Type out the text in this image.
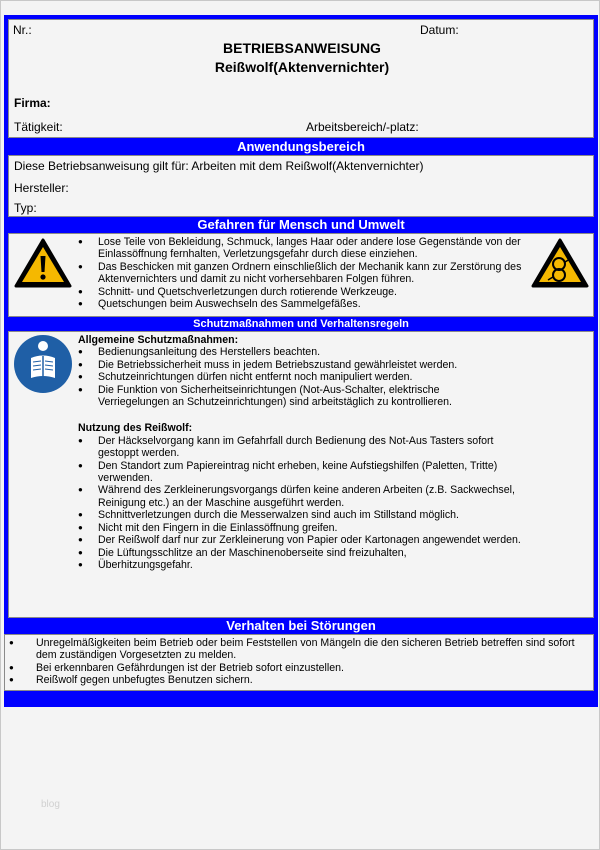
Nr.:	Datum:
BETRIEBSANWEISUNG
Reißwolf(Aktenvernichter)
Firma:
Tätigkeit:	Arbeitsbereich/-platz:
Anwendungsbereich
Diese Betriebsanweisung gilt für: Arbeiten mit dem Reißwolf(Aktenvernichter)
Hersteller:
Typ:
Gefahren für Mensch und Umwelt
● Lose Teile von Bekleidung, Schmuck, langes Haar oder andere lose Gegenstände von der Einlassöffnung fernhalten, Verletzungsgefahr durch diese einziehen.
● Das Beschicken mit ganzen Ordnern einschließlich der Mechanik kann zur Zerstörung des Aktenvernichters und damit zu nicht vorhersehbaren Folgen führen.
● Schnitt- und Quetschverletzungen durch rotierende Werkzeuge.
● Quetschungen beim Auswechseln des Sammelgefäßes.
Schutzmaßnahmen und Verhaltensregeln
Allgemeine Schutzmaßnahmen:
● Bedienungsanleitung des Herstellers beachten.
● Die Betriebssicherheit muss in jedem Betriebszustand gewährleistet werden.
● Schutzeinrichtungen dürfen nicht entfernt noch manipuliert werden.
● Die Funktion von Sicherheitseinrichtungen (Not-Aus-Schalter, elektrische Verriegelungen an Schutzeinrichtungen) sind arbeitstäglich zu kontrollieren.
Nutzung des Reißwolf:
● Der Häckselvorgang kann im Gefahrfall durch Bedienung des Not-Aus Tasters sofort gestoppt werden.
● Den Standort zum Papiereintrag nicht erheben, keine Aufstiegshilfen (Paletten, Tritte) verwenden.
● Während des Zerkleinerungsvorgangs dürfen keine anderen Arbeiten (z.B. Sackwechsel, Reinigung etc.) an der Maschine ausgeführt werden.
● Schnittverletzungen durch die Messerwalzen sind auch im Stillstand möglich.
● Nicht mit den Fingern in die Einlassöffnung greifen.
● Der Reißwolf darf nur zur Zerkleinerung von Papier oder Kartonagen angewendet werden.
● Die Lüftungsschlitze an der Maschinenoberseite sind freizuhalten,
● Überhitzungsgefahr.
Verhalten bei Störungen
● Unregelmäßigkeiten beim Betrieb oder beim Feststellen von Mängeln die den sicheren Betrieb betreffen sind sofort dem zuständigen Vorgesetzten zu melden.
● Bei erkennbaren Gefährdungen ist der Betrieb sofort einzustellen.
● Reißwolf gegen unbefugtes Benutzen sichern.
blog
